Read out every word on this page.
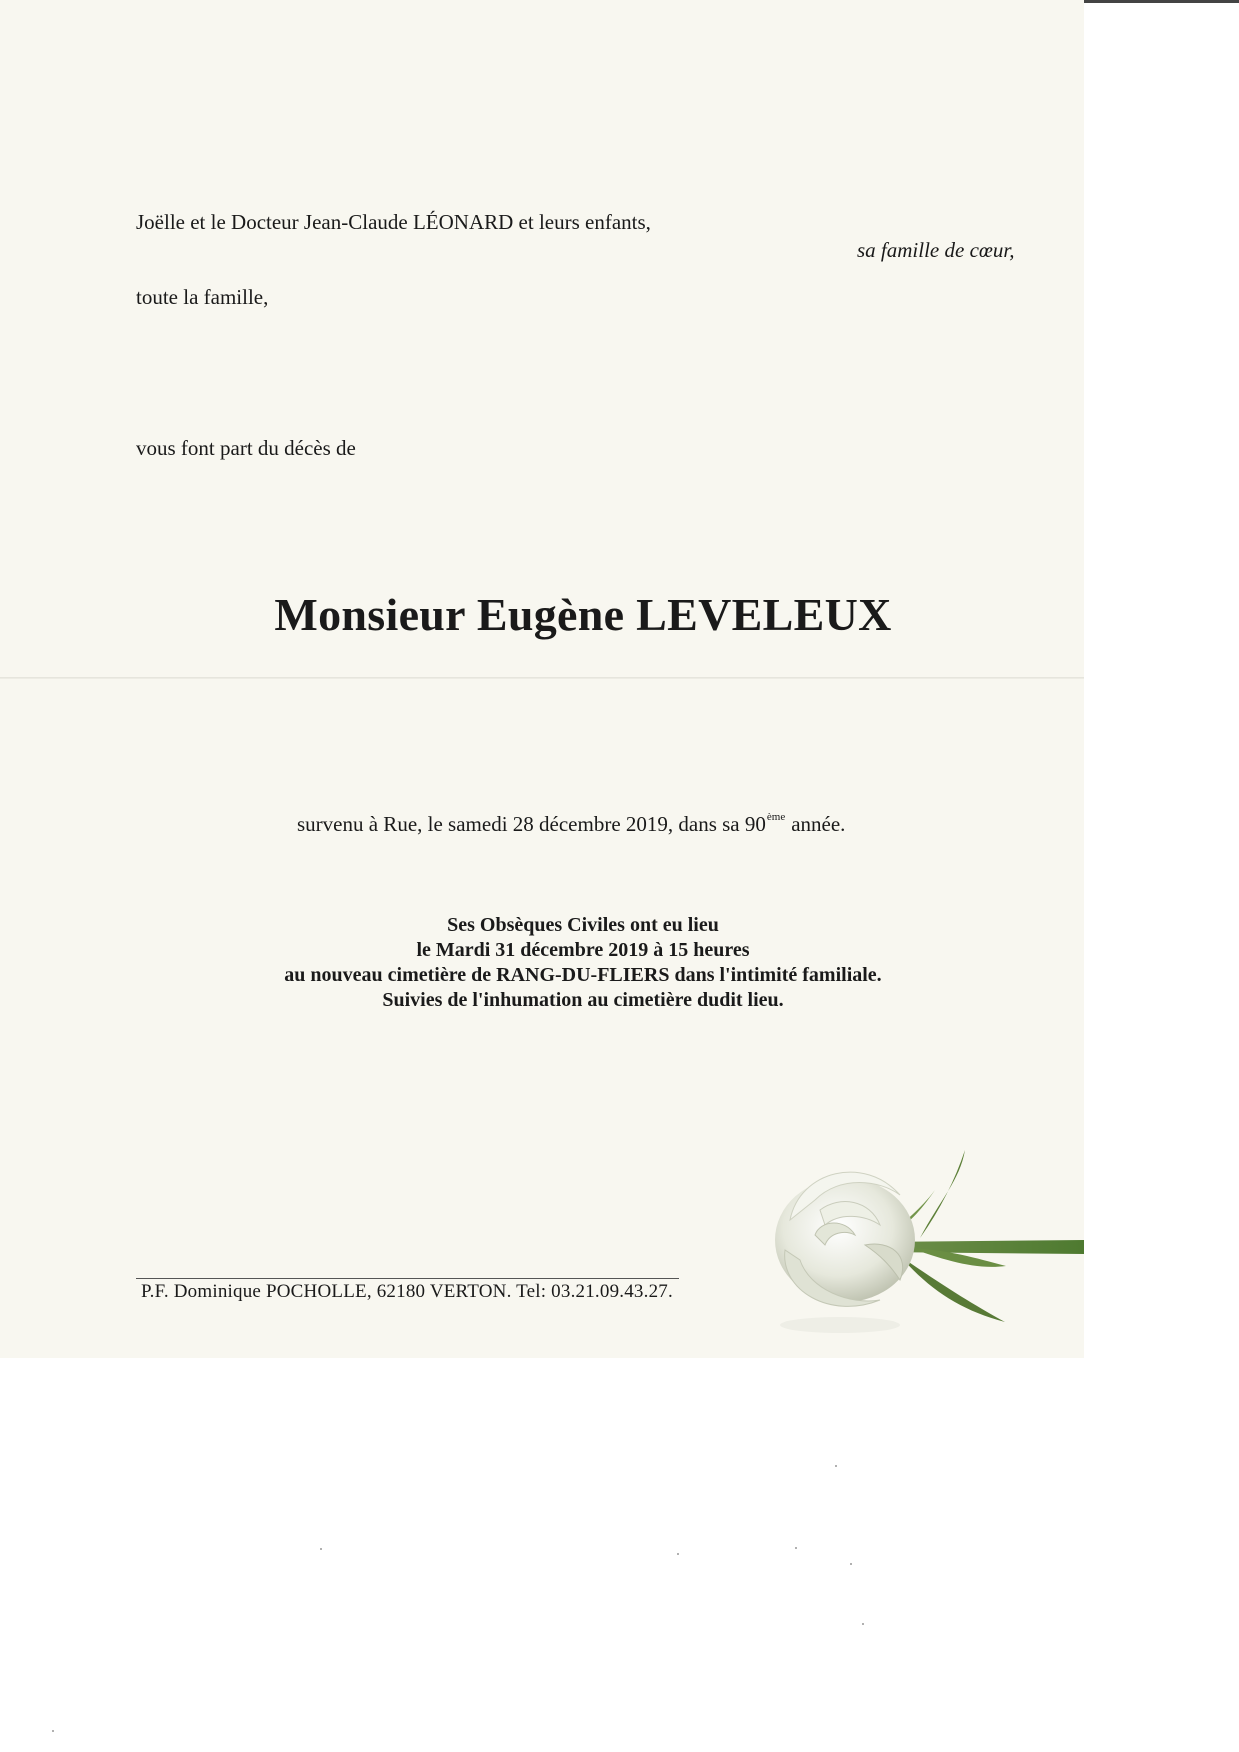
Joëlle et le Docteur Jean-Claude LÉONARD et leurs enfants,
sa famille de cœur,
toute la famille,
vous font part du décès de
Monsieur Eugène LEVELEUX
survenu à Rue, le samedi 28 décembre 2019, dans sa 90ème année.
Ses Obsèques Civiles ont eu lieu
le Mardi 31 décembre 2019 à 15 heures
au nouveau cimetière de RANG-DU-FLIERS dans l'intimité familiale.
Suivies de l'inhumation au cimetière dudit lieu.
P.F. Dominique POCHOLLE, 62180 VERTON. Tel: 03.21.09.43.27.
